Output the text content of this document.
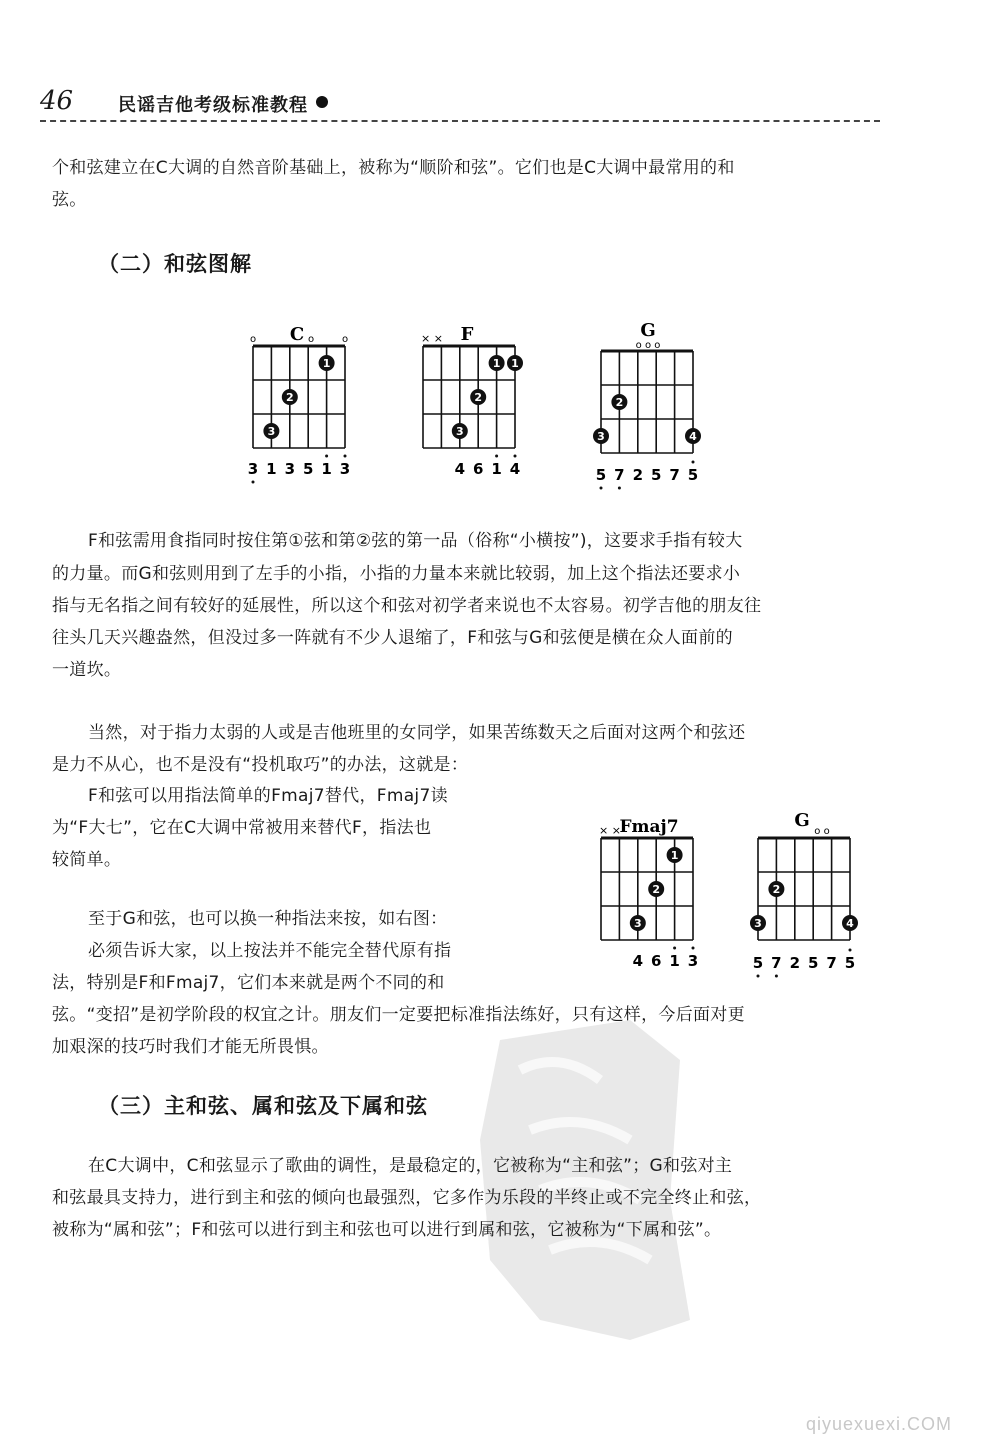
46 民谣吉他考级标准教程

个和弦建立在C大调的自然音阶基础上，被称为“顺阶和弦”。它们也是C大调中最常用的和

弦。

（二）和弦图解
C
o	o	o
1
2
3
3 1 3 5 1 3
F
× ×
1 1
2
3
4 6 1 4
G
o o o
2
3	4
5 7 2 5 7 5

F和弦需用食指同时按住第①弦和第②弦的第一品（俗称“小横按”)，这要求手指有较大

的力量。而G和弦则用到了左手的小指，小指的力量本来就比较弱，加上这个指法还要求小

指与无名指之间有较好的延展性，所以这个和弦对初学者来说也不太容易。初学吉他的朋友往

往头几天兴趣盎然，但没过多一阵就有不少人退缩了，F和弦与G和弦便是横在众人面前的

一道坎。

当然，对于指力太弱的人或是吉他班里的女同学，如果苦练数天之后面对这两个和弦还

是力不从心，也不是没有“投机取巧”的办法，这就是：

F和弦可以用指法简单的Fmaj7替代，Fmaj7读

为“F大七”，它在C大调中常被用来替代F，指法也

较简单。

至于G和弦，也可以换一种指法来按，如右图：

必须告诉大家，以上按法并不能完全替代原有指

法，特别是F和Fmaj7，它们本来就是两个不同的和

弦。“变招”是初学阶段的权宜之计。朋友们一定要把标准指法练好，只有这样，今后面对更

加艰深的技巧时我们才能无所畏惧。

Fmaj7
× ×
1
2
3
4 6 1 3
G
o o
2
3	4
5 7 2 5 7 5
（三）主和弦、属和弦及下属和弦

在C大调中，C和弦显示了歌曲的调性，是最稳定的，它被称为“主和弦”；G和弦对主

和弦最具支持力，进行到主和弦的倾向也最强烈，它多作为乐段的半终止或不完全终止和弦，

被称为“属和弦”；F和弦可以进行到主和弦也可以进行到属和弦，它被称为“下属和弦”。

qiyuexuexi.COM
